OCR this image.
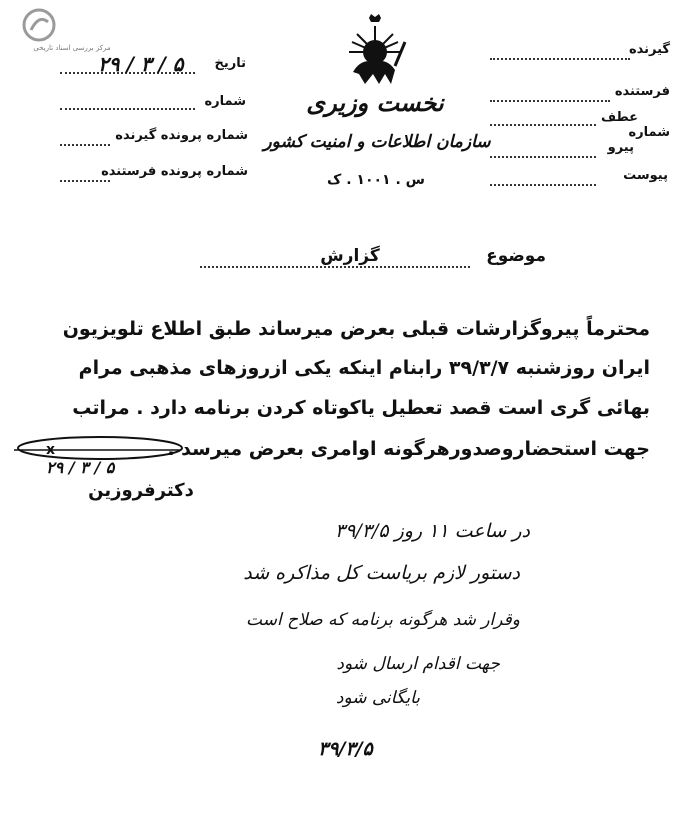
مرکز بررسی اسناد تاریخی
تاریخ
۲۹ / ۳ / ۵
شماره
شماره پرونده گیرنده
شماره پرونده فرستنده
نخست وزیری
سازمان اطلاعات و امنیت کشور
س . ۱۰۰۱ . ک
گیرنده
فرستنده
عطف
شماره
پیرو
پیوست
موضوع
گزارش
محترماً پیروگزارشات قبلی بعرض میرساند طبق اطلاع تلویزیون
ایران روزشنبه ۳۹/۳/۷ رابنام اینکه یکی ازروزهای مذهبی مرام
بهائی گری است قصد تعطیل یاکوتاه کردن برنامه دارد . مراتب
جهت استحضاروصدورهرگونه اوامری بعرض میرسد .
x
۲۹ / ۳ / ۵
دکترفروزین
در ساعت ۱۱ روز ۳۹/۳/۵
دستور لازم بریاست کل مذاکره شد
وقرار شد هرگونه برنامه که صلاح است
جهت اقدام ارسال شود
بایگانی شود
۳۹/۳/۵
